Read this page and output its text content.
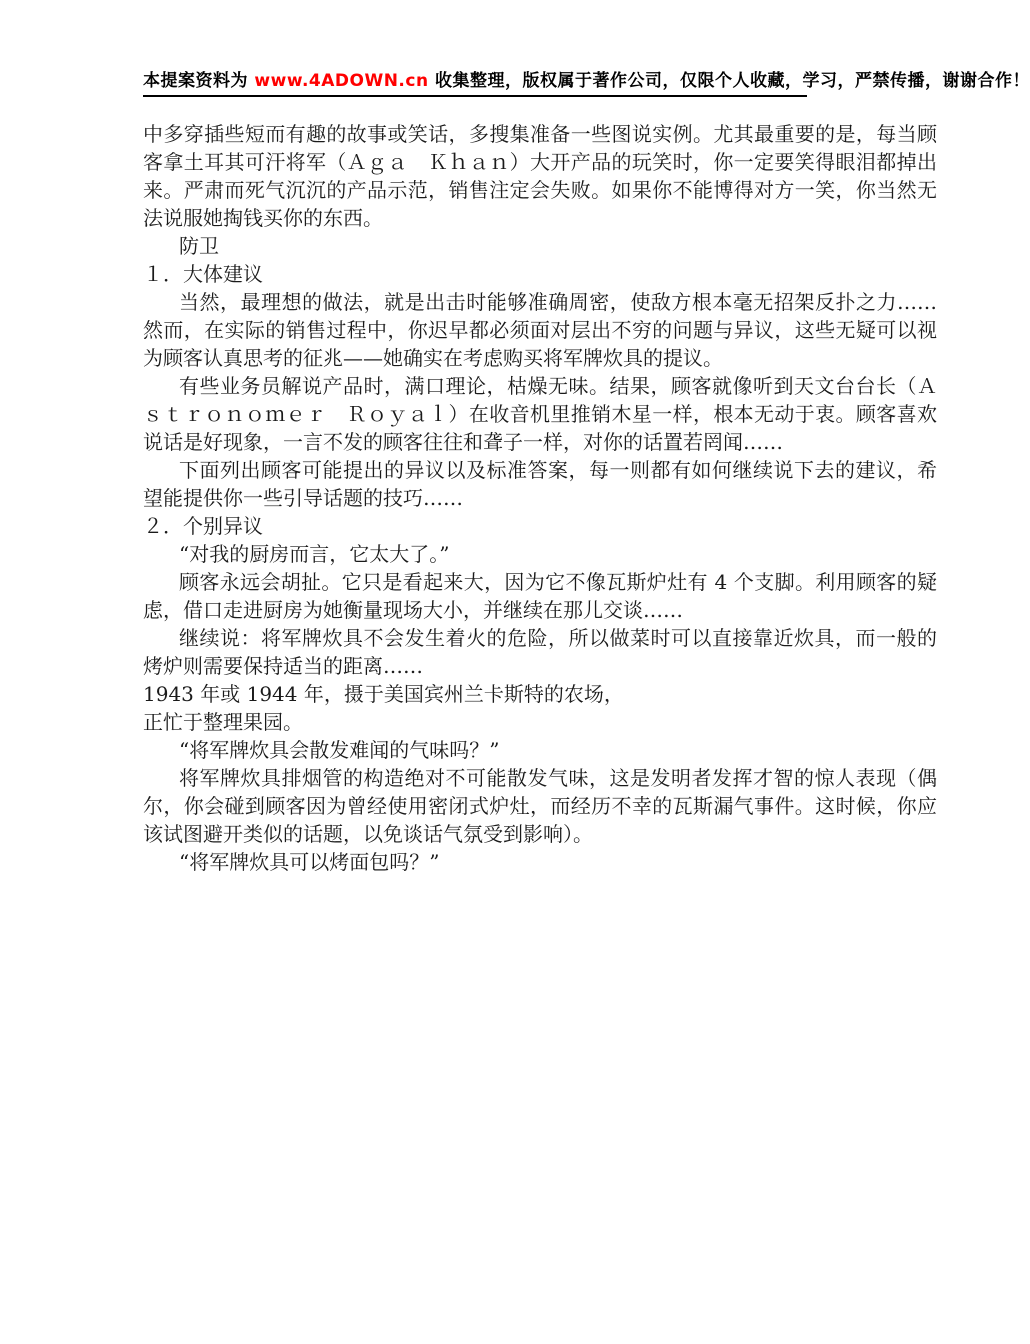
本提案资料为 www.4ADOWN.cn 收集整理，版权属于著作公司，仅限个人收藏，学习，严禁传播，谢谢合作！

中多穿插些短而有趣的故事或笑话，多搜集准备一些图说实例。尤其最重要的是，每当顾客拿土耳其可汗将军（Ａｇａ　Ｋｈａｎ）大开产品的玩笑时，你一定要笑得眼泪都掉出来。严肃而死气沉沉的产品示范，销售注定会失败。如果你不能博得对方一笑，你当然无法说服她掏钱买你的东西。

防卫

１．大体建议

当然，最理想的做法，就是出击时能够准确周密，使敌方根本毫无招架反扑之力……然而，在实际的销售过程中，你迟早都必须面对层出不穷的问题与异议，这些无疑可以视为顾客认真思考的征兆——她确实在考虑购买将军牌炊具的提议。

有些业务员解说产品时，满口理论，枯燥无味。结果，顾客就像听到天文台台长（Ａｓｔｒｏｎｏｍｅｒ　Ｒｏｙａｌ）在收音机里推销木星一样，根本无动于衷。顾客喜欢说话是好现象，一言不发的顾客往往和聋子一样，对你的话置若罔闻……

下面列出顾客可能提出的异议以及标准答案，每一则都有如何继续说下去的建议，希望能提供你一些引导话题的技巧……

２．个别异议

“对我的厨房而言，它太大了。”

顾客永远会胡扯。它只是看起来大，因为它不像瓦斯炉灶有 4 个支脚。利用顾客的疑虑，借口走进厨房为她衡量现场大小，并继续在那儿交谈……

继续说：将军牌炊具不会发生着火的危险，所以做菜时可以直接靠近炊具，而一般的烤炉则需要保持适当的距离……

1943 年或 1944 年，摄于美国宾州兰卡斯特的农场，

正忙于整理果园。

“将军牌炊具会散发难闻的气味吗？”

将军牌炊具排烟管的构造绝对不可能散发气味，这是发明者发挥才智的惊人表现（偶尔，你会碰到顾客因为曾经使用密闭式炉灶，而经历不幸的瓦斯漏气事件。这时候，你应该试图避开类似的话题，以免谈话气氛受到影响）。

“将军牌炊具可以烤面包吗？”
